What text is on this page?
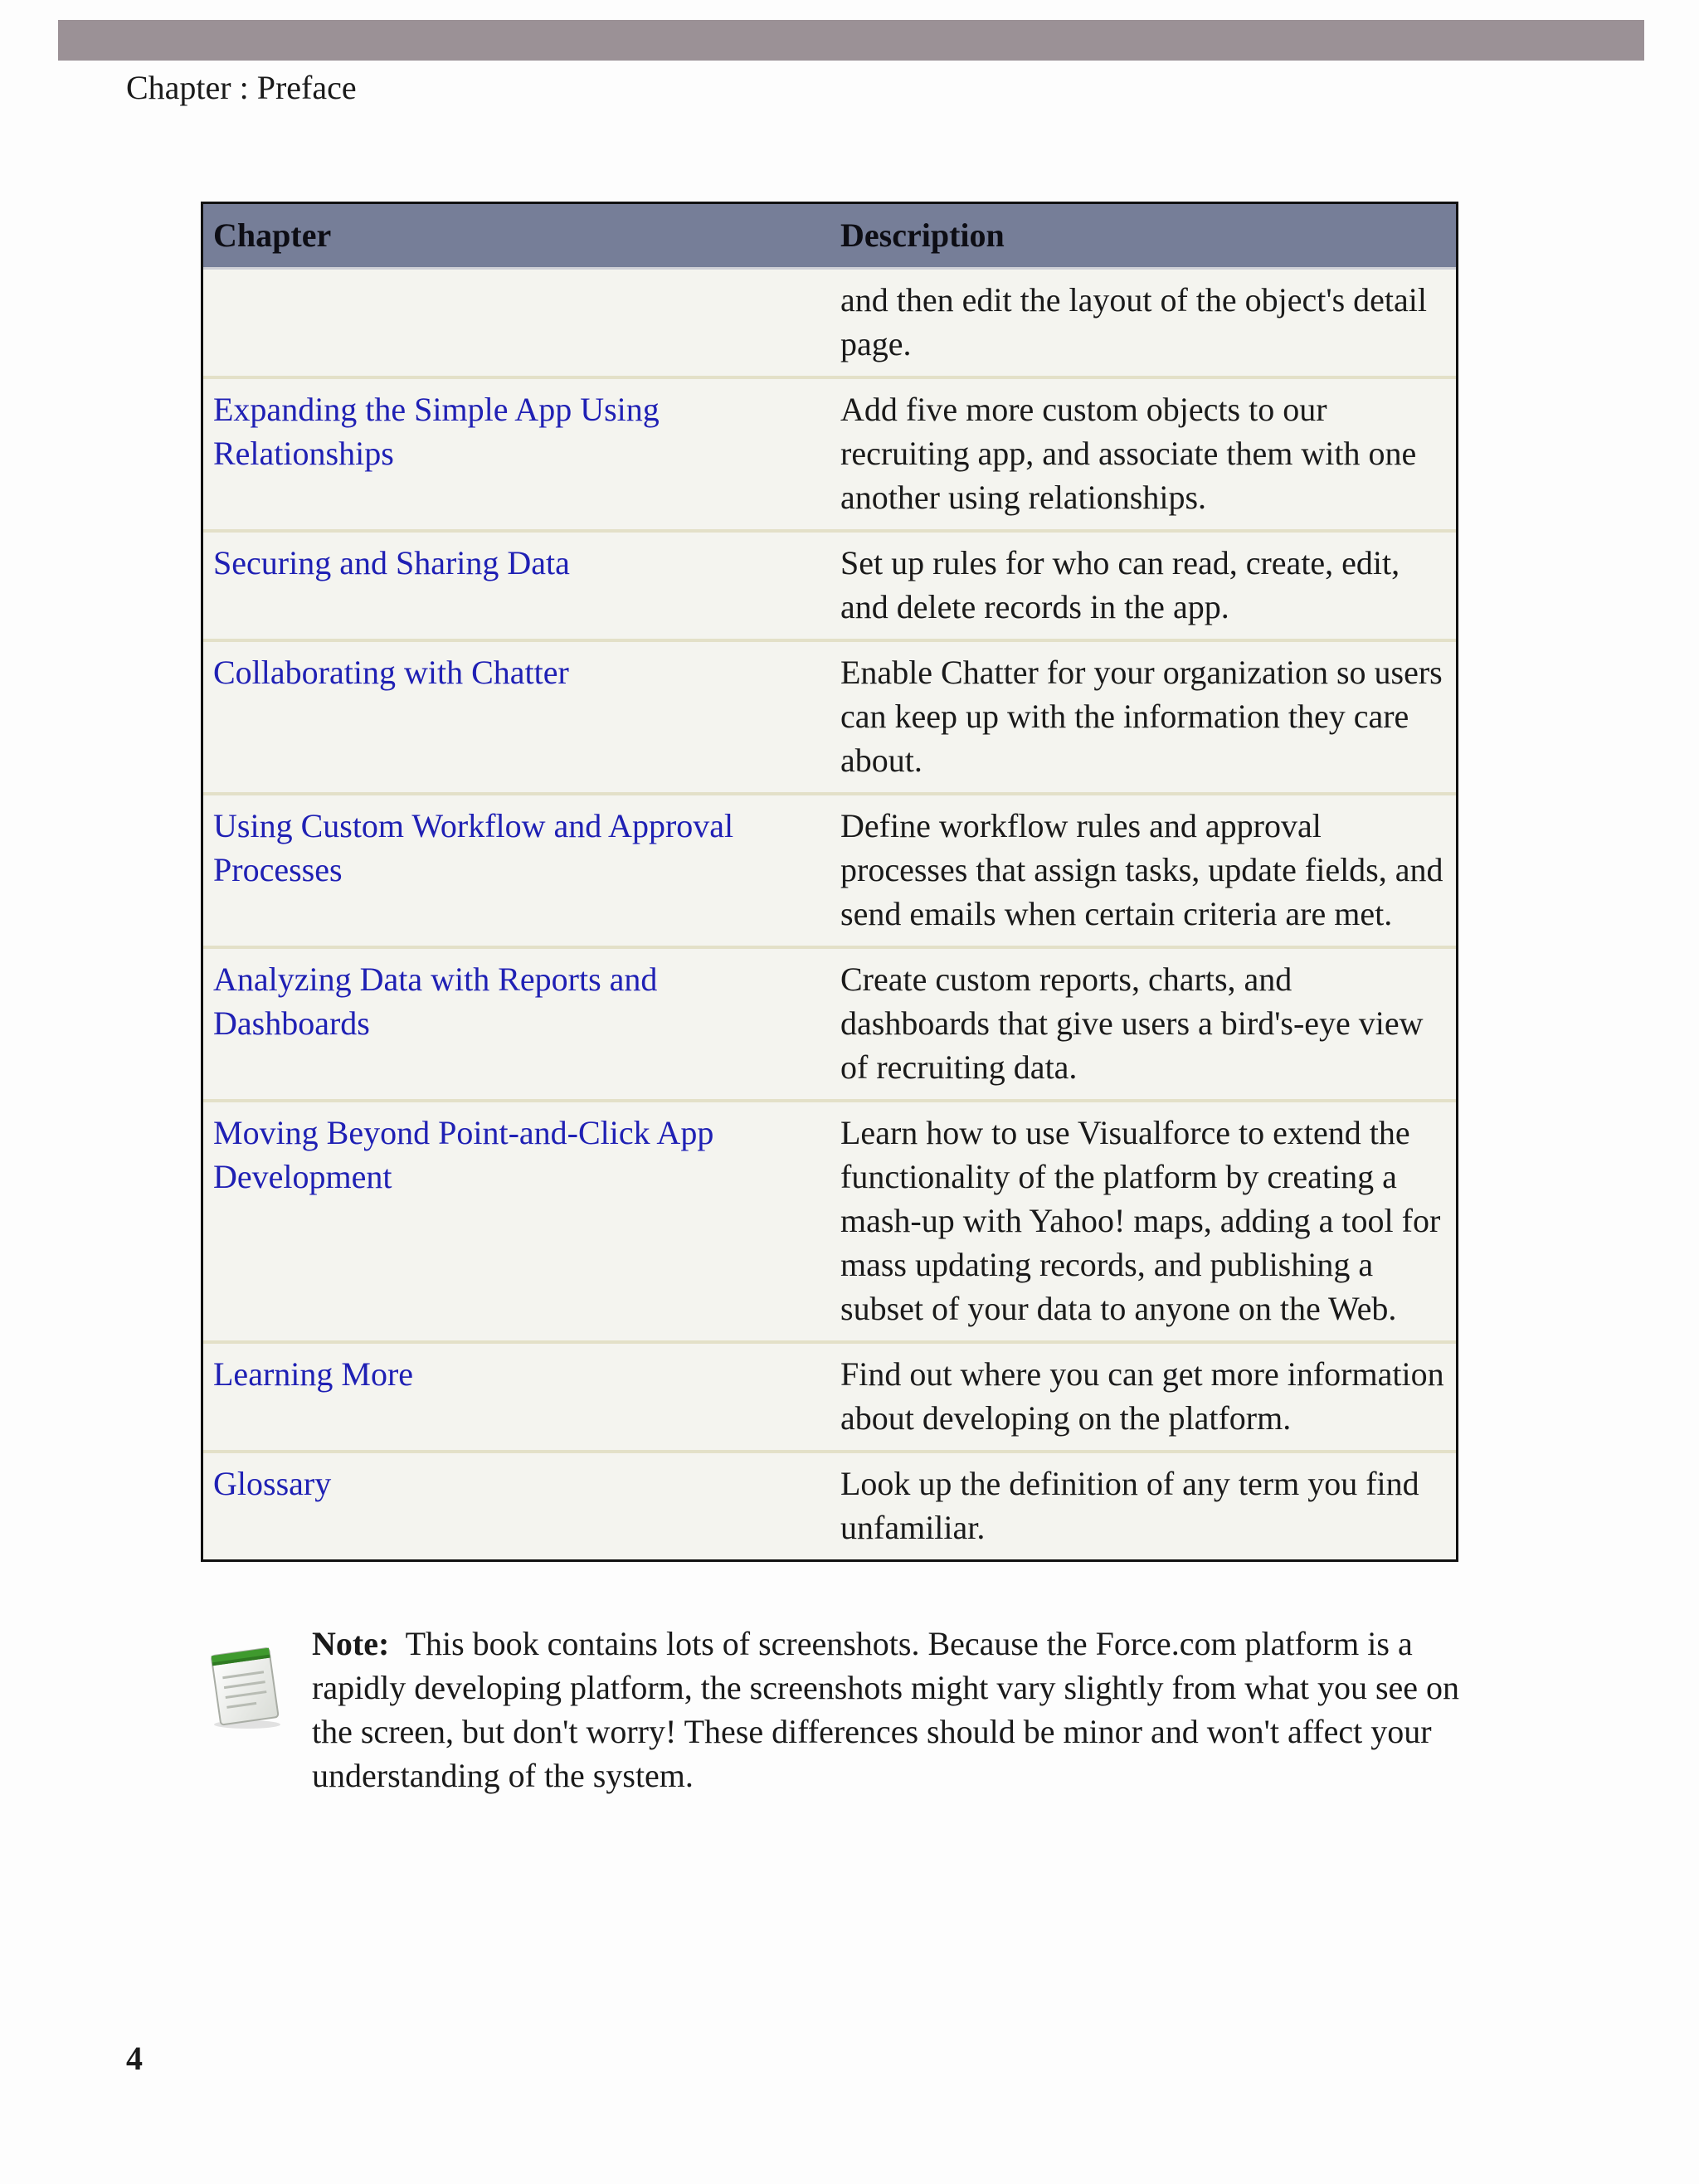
Chapter : Preface
Chapter	Description
	and then edit the layout of the object's detail page.
Expanding the Simple App Using Relationships	Add five more custom objects to our recruiting app, and associate them with one another using relationships.
Securing and Sharing Data	Set up rules for who can read, create, edit, and delete records in the app.
Collaborating with Chatter	Enable Chatter for your organization so users can keep up with the information they care about.
Using Custom Workflow and Approval Processes	Define workflow rules and approval processes that assign tasks, update fields, and send emails when certain criteria are met.
Analyzing Data with Reports and Dashboards	Create custom reports, charts, and dashboards that give users a bird's-eye view of recruiting data.
Moving Beyond Point-and-Click App Development	Learn how to use Visualforce to extend the functionality of the platform by creating a mash-up with Yahoo! maps, adding a tool for mass updating records, and publishing a subset of your data to anyone on the Web.
Learning More	Find out where you can get more information about developing on the platform.
Glossary	Look up the definition of any term you find unfamiliar.
Note: This book contains lots of screenshots. Because the Force.com platform is a rapidly developing platform, the screenshots might vary slightly from what you see on the screen, but don't worry! These differences should be minor and won't affect your understanding of the system.
4
